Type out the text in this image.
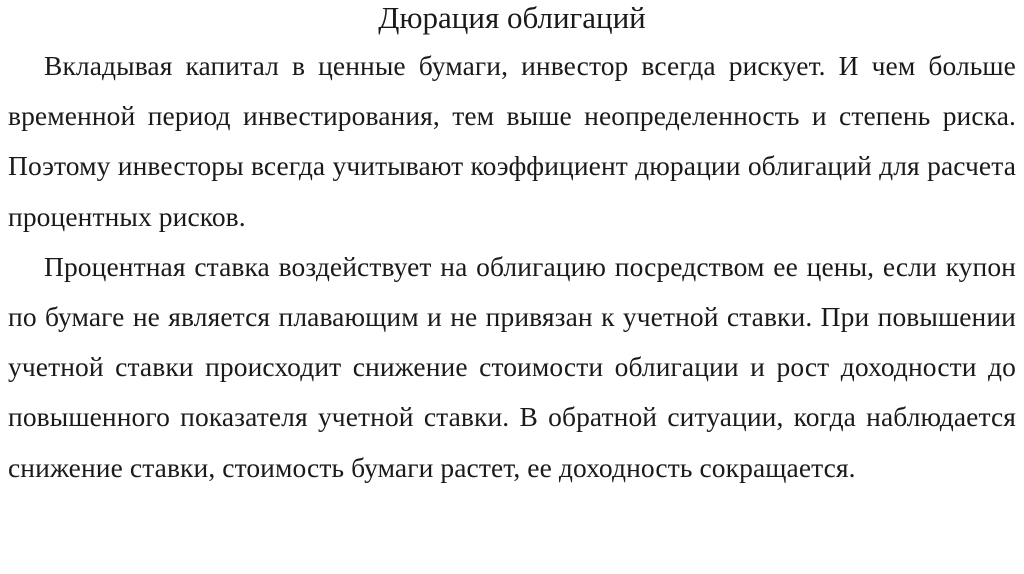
Дюрация облигаций

Вкладывая капитал в ценные бумаги, инвестор всегда рискует. И чем больше временной период инвестирования, тем выше неопределенность и степень риска. Поэтому инвесторы всегда учитывают коэффициент дюрации облигаций для расчета процентных рисков.

Процентная ставка воздействует на облигацию посредством ее цены, если купон по бумаге не является плавающим и не привязан к учетной ставки. При повышении учетной ставки происходит снижение стоимости облигации и рост доходности до повышенного показателя учетной ставки. В обратной ситуации, когда наблюдается снижение ставки, стоимость бумаги растет, ее доходность сокращается.
